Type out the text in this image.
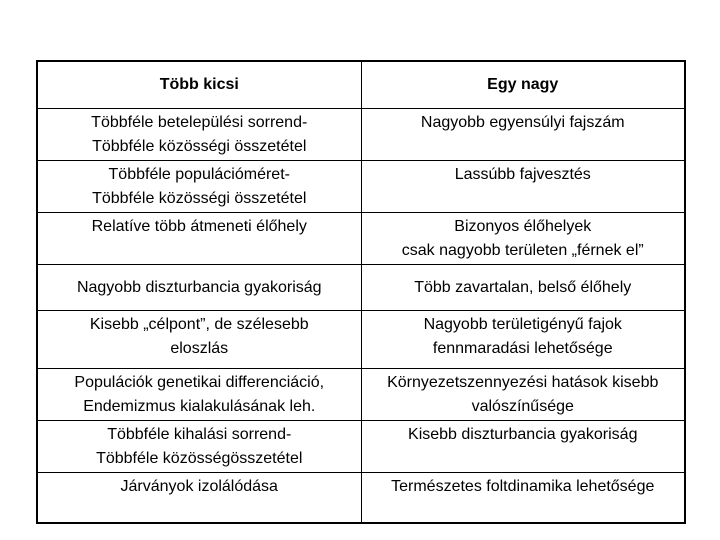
Több kicsi	Egy nagy

Többféle betelepülési sorrend-
Többféle közösségi összetétel	Nagyobb egyensúlyi fajszám

Többféle populációméret-
Többféle közösségi összetétel	Lassúbb fajvesztés

Relatíve több átmeneti élőhely	Bizonyos élőhelyek
csak nagyobb területen „férnek el”

Nagyobb diszturbancia gyakoriság	Több zavartalan, belső élőhely

Kisebb „célpont”, de szélesebb
eloszlás	Nagyobb területigényű fajok
fennmaradási lehetősége

Populációk genetikai differenciáció,
Endemizmus kialakulásának leh.	Környezetszennyezési hatások kisebb
valószínűsége

Többféle kihalási sorrend-
Többféle közösségösszetétel	Kisebb diszturbancia gyakoriság

Járványok izolálódása	Természetes foltdinamika lehetősége
